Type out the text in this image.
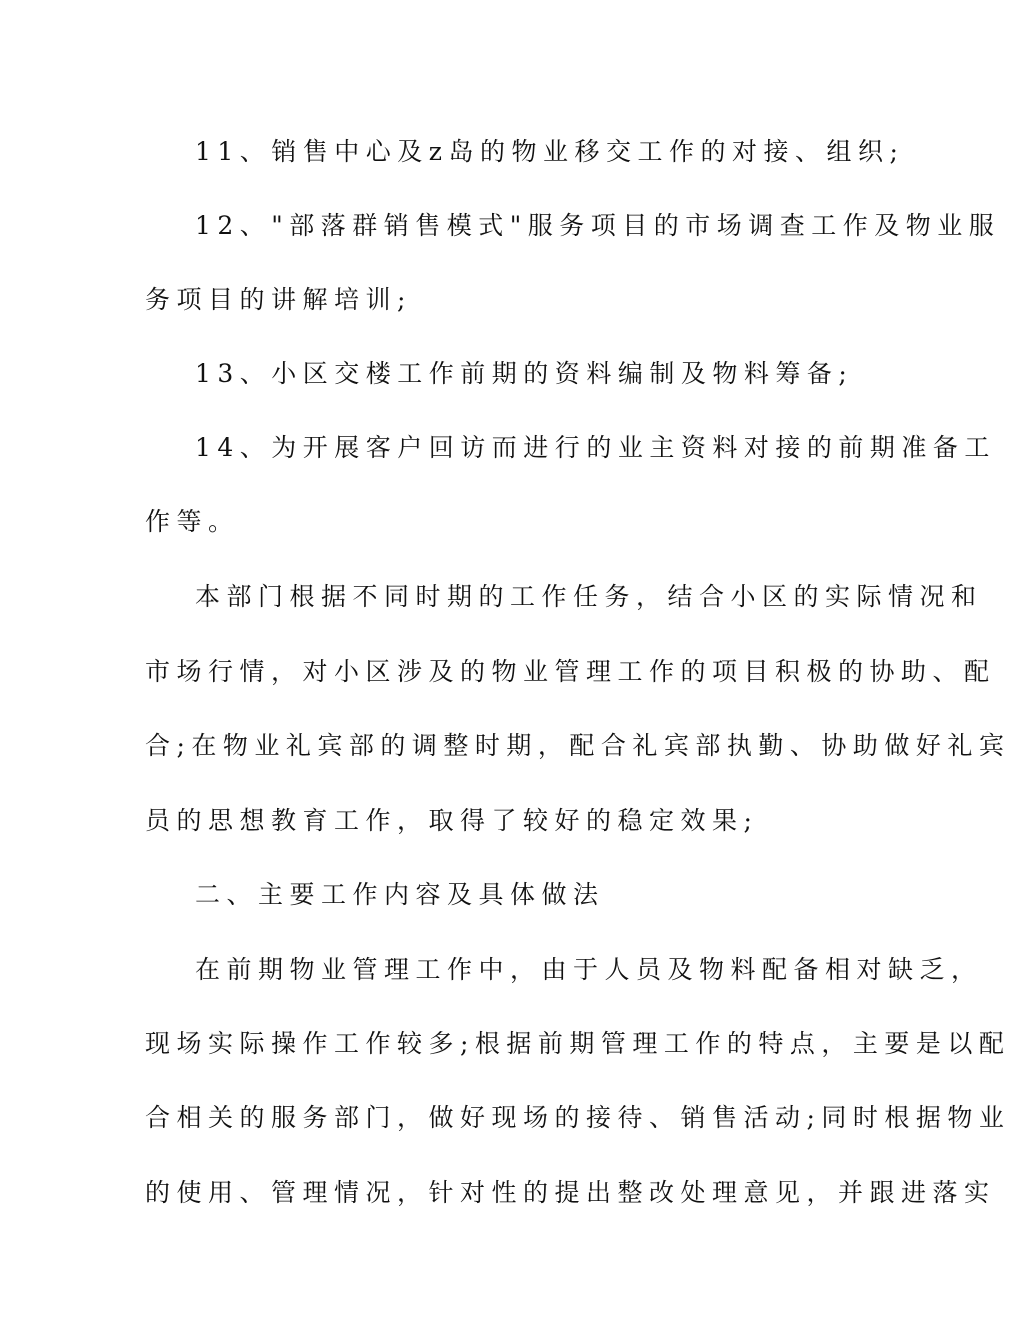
11、销售中心及z岛的物业移交工作的对接、组织;
12、"部落群销售模式"服务项目的市场调查工作及物业服
务项目的讲解培训;
13、小区交楼工作前期的资料编制及物料筹备;
14、为开展客户回访而进行的业主资料对接的前期准备工
作等。
本部门根据不同时期的工作任务，结合小区的实际情况和
市场行情，对小区涉及的物业管理工作的项目积极的协助、配
合;在物业礼宾部的调整时期，配合礼宾部执勤、协助做好礼宾
员的思想教育工作，取得了较好的稳定效果;
二、主要工作内容及具体做法
在前期物业管理工作中，由于人员及物料配备相对缺乏，
现场实际操作工作较多;根据前期管理工作的特点，主要是以配
合相关的服务部门，做好现场的接待、销售活动;同时根据物业
的使用、管理情况，针对性的提出整改处理意见，并跟进落实
